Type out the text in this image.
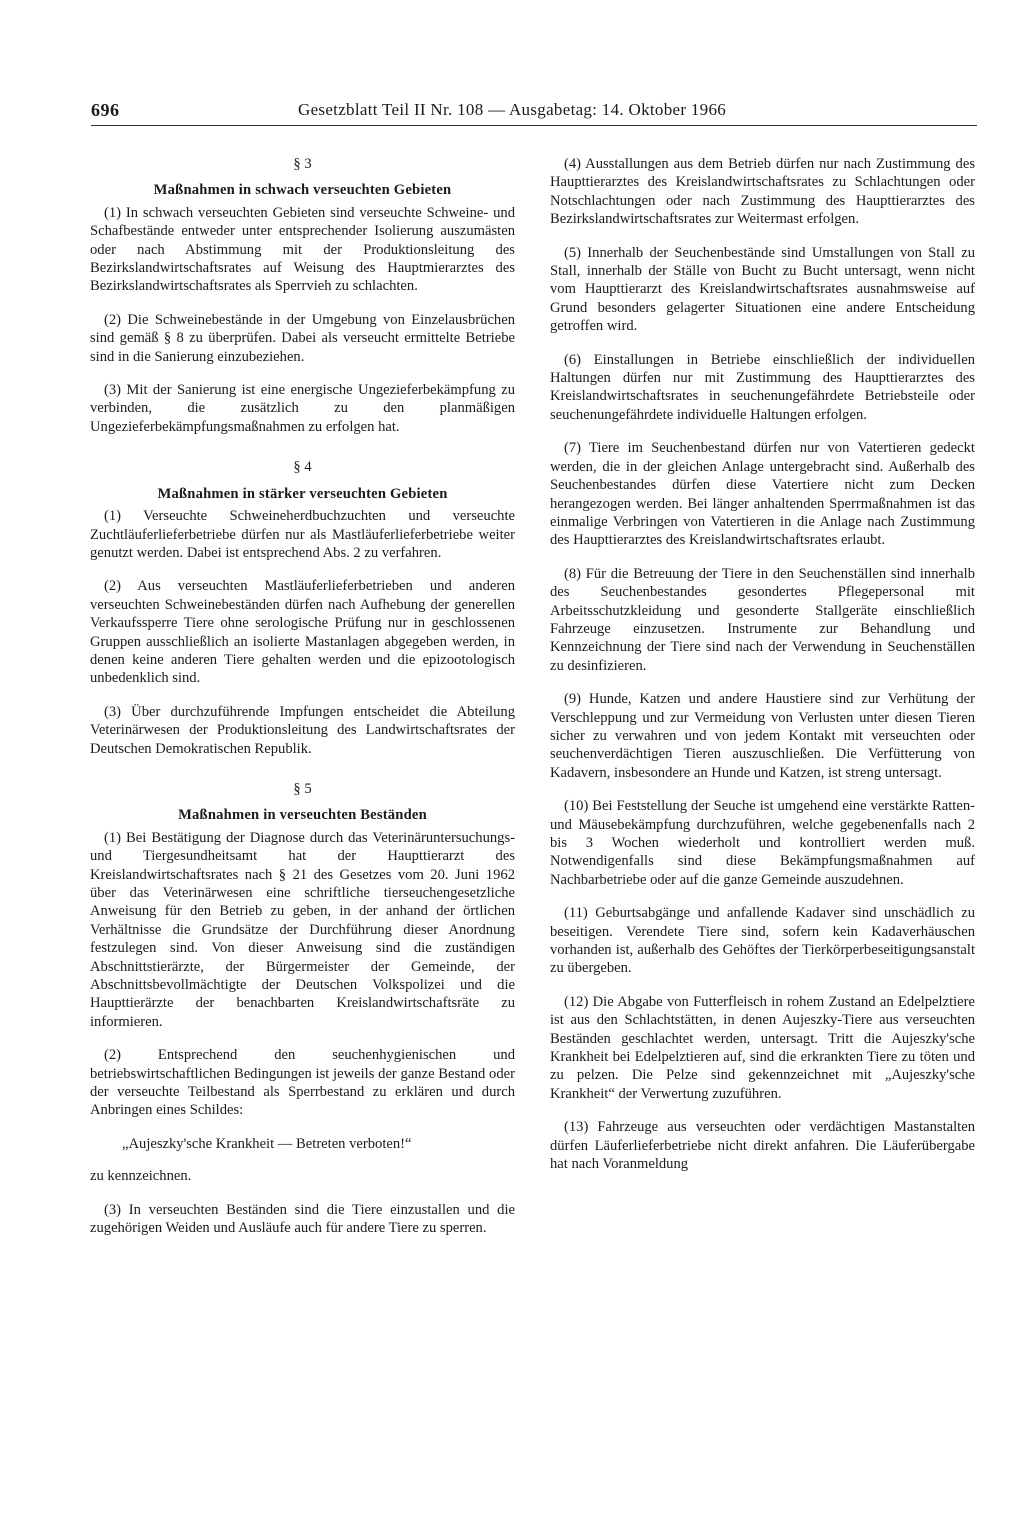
696	Gesetzblatt Teil II Nr. 108 — Ausgabetag: 14. Oktober 1966
§ 3
Maßnahmen in schwach verseuchten Gebieten

(1) In schwach verseuchten Gebieten sind verseuchte Schweine- und Schafbestände entweder unter entsprechender Isolierung auszumästen oder nach Abstimmung mit der Produktionsleitung des Bezirkslandwirtschaftsrates auf Weisung des Hauptmierarztes des Bezirkslandwirtschaftsrates als Sperrvieh zu schlachten.

(2) Die Schweinebestände in der Umgebung von Einzelausbrüchen sind gemäß § 8 zu überprüfen. Dabei als verseucht ermittelte Betriebe sind in die Sanierung einzubeziehen.

(3) Mit der Sanierung ist eine energische Ungezieferbekämpfung zu verbinden, die zusätzlich zu den planmäßigen Ungezieferbekämpfungsmaßnahmen zu erfolgen hat.

§ 4
Maßnahmen in stärker verseuchten Gebieten

(1) Verseuchte Schweineherdbuchzuchten und verseuchte Zuchtläuferlieferbetriebe dürfen nur als Mastläuferlieferbetriebe weiter genutzt werden. Dabei ist entsprechend Abs. 2 zu verfahren.

(2) Aus verseuchten Mastläuferlieferbetrieben und anderen verseuchten Schweinebeständen dürfen nach Aufhebung der generellen Verkaufssperre Tiere ohne serologische Prüfung nur in geschlossenen Gruppen ausschließlich an isolierte Mastanlagen abgegeben werden, in denen keine anderen Tiere gehalten werden und die epizootologisch unbedenklich sind.

(3) Über durchzuführende Impfungen entscheidet die Abteilung Veterinärwesen der Produktionsleitung des Landwirtschaftsrates der Deutschen Demokratischen Republik.

§ 5
Maßnahmen in verseuchten Beständen

(1) Bei Bestätigung der Diagnose durch das Veterinäruntersuchungs- und Tiergesundheitsamt hat der Haupttierarzt des Kreislandwirtschaftsrates nach § 21 des Gesetzes vom 20. Juni 1962 über das Veterinärwesen eine schriftliche tierseuchengesetzliche Anweisung für den Betrieb zu geben, in der anhand der örtlichen Verhältnisse die Grundsätze der Durchführung dieser Anordnung festzulegen sind. Von dieser Anweisung sind die zuständigen Abschnittstierärzte, der Bürgermeister der Gemeinde, der Abschnittsbevollmächtigte der Deutschen Volkspolizei und die Haupttierärzte der benachbarten Kreislandwirtschaftsräte zu informieren.

(2) Entsprechend den seuchenhygienischen und betriebswirtschaftlichen Bedingungen ist jeweils der ganze Bestand oder der verseuchte Teilbestand als Sperrbestand zu erklären und durch Anbringen eines Schildes:

„Aujeszky'sche Krankheit — Betreten verboten!“

zu kennzeichnen.

(3) In verseuchten Beständen sind die Tiere einzustallen und die zugehörigen Weiden und Ausläufe auch für andere Tiere zu sperren.

(4) Ausstallungen aus dem Betrieb dürfen nur nach Zustimmung des Haupttierarztes des Kreislandwirtschaftsrates zu Schlachtungen oder Notschlachtungen oder nach Zustimmung des Haupttierarztes des Bezirkslandwirtschaftsrates zur Weitermast erfolgen.

(5) Innerhalb der Seuchenbestände sind Umstallungen von Stall zu Stall, innerhalb der Ställe von Bucht zu Bucht untersagt, wenn nicht vom Haupttierarzt des Kreislandwirtschaftsrates ausnahmsweise auf Grund besonders gelagerter Situationen eine andere Entscheidung getroffen wird.

(6) Einstallungen in Betriebe einschließlich der individuellen Haltungen dürfen nur mit Zustimmung des Haupttierarztes des Kreislandwirtschaftsrates in seuchenungefährdete Betriebsteile oder seuchenungefährdete individuelle Haltungen erfolgen.

(7) Tiere im Seuchenbestand dürfen nur von Vatertieren gedeckt werden, die in der gleichen Anlage untergebracht sind. Außerhalb des Seuchenbestandes dürfen diese Vatertiere nicht zum Decken herangezogen werden. Bei länger anhaltenden Sperrmaßnahmen ist das einmalige Verbringen von Vatertieren in die Anlage nach Zustimmung des Haupttierarztes des Kreislandwirtschaftsrates erlaubt.

(8) Für die Betreuung der Tiere in den Seuchenställen sind innerhalb des Seuchenbestandes gesondertes Pflegepersonal mit Arbeitsschutzkleidung und gesonderte Stallgeräte einschließlich Fahrzeuge einzusetzen. Instrumente zur Behandlung und Kennzeichnung der Tiere sind nach der Verwendung in Seuchenställen zu desinfizieren.

(9) Hunde, Katzen und andere Haustiere sind zur Verhütung der Verschleppung und zur Vermeidung von Verlusten unter diesen Tieren sicher zu verwahren und von jedem Kontakt mit verseuchten oder seuchenverdächtigen Tieren auszuschließen. Die Verfütterung von Kadavern, insbesondere an Hunde und Katzen, ist streng untersagt.

(10) Bei Feststellung der Seuche ist umgehend eine verstärkte Ratten- und Mäusebekämpfung durchzuführen, welche gegebenenfalls nach 2 bis 3 Wochen wiederholt und kontrolliert werden muß. Notwendigenfalls sind diese Bekämpfungsmaßnahmen auf Nachbarbetriebe oder auf die ganze Gemeinde auszudehnen.

(11) Geburtsabgänge und anfallende Kadaver sind unschädlich zu beseitigen. Verendete Tiere sind, sofern kein Kadaverhäuschen vorhanden ist, außerhalb des Gehöftes der Tierkörperbeseitigungsanstalt zu übergeben.

(12) Die Abgabe von Futterfleisch in rohem Zustand an Edelpelztiere ist aus den Schlachtstätten, in denen Aujeszky-Tiere aus verseuchten Beständen geschlachtet werden, untersagt. Tritt die Aujeszky'sche Krankheit bei Edelpelztieren auf, sind die erkrankten Tiere zu töten und zu pelzen. Die Pelze sind gekennzeichnet mit „Aujeszky'sche Krankheit“ der Verwertung zuzuführen.

(13) Fahrzeuge aus verseuchten oder verdächtigen Mastanstalten dürfen Läuferlieferbetriebe nicht direkt anfahren. Die Läuferübergabe hat nach Voranmeldung
